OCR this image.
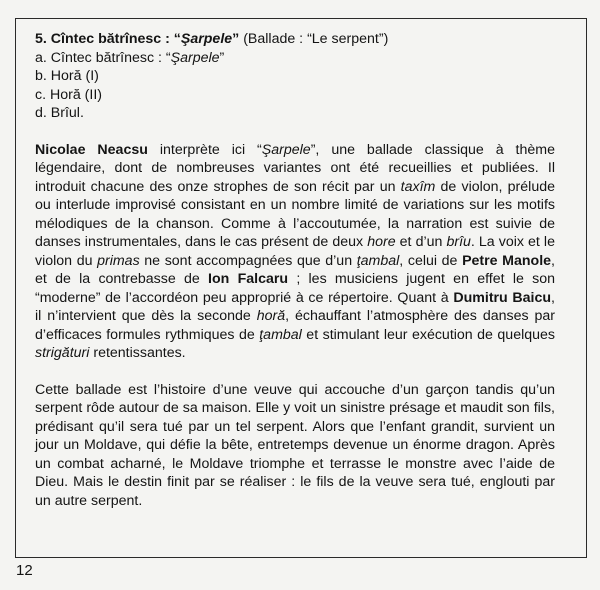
5. Cîntec bătrînesc : “Şarpele” (Ballade : “Le serpent”)
a. Cîntec bătrînesc : “Şarpele”
b. Horă (I)
c. Horă (II)
d. Brîul.
Nicolae Neacsu interprète ici “Şarpele”, une ballade classique à thème légendaire, dont de nombreuses variantes ont été recueillies et publiées. Il introduit chacune des onze strophes de son récit par un taxîm de violon, prélude ou interlude improvisé consistant en un nombre limité de variations sur les motifs mélodiques de la chanson. Comme à l’accoutumée, la narration est suivie de danses instrumentales, dans le cas présent de deux hore et d’un brîu. La voix et le violon du primas ne sont accompagnées que d’un ţambal, celui de Petre Manole, et de la contrebasse de Ion Falcaru ; les musiciens jugent en effet le son “moderne” de l’accordéon peu approprié à ce répertoire. Quant à Dumitru Baicu, il n’intervient que dès la seconde horă, échauffant l’atmosphère des danses par d’efficaces formules rythmiques de ţambal et stimulant leur exécution de quelques strigături retentissantes.
Cette ballade est l’histoire d’une veuve qui accouche d’un garçon tandis qu’un serpent rôde autour de sa maison. Elle y voit un sinistre présage et maudit son fils, prédisant qu’il sera tué par un tel serpent. Alors que l’enfant grandit, survient un jour un Moldave, qui défie la bête, entretemps devenue un énorme dragon. Après un combat acharné, le Moldave triomphe et terrasse le monstre avec l’aide de Dieu. Mais le destin finit par se réaliser : le fils de la veuve sera tué, englouti par un autre serpent.
12
